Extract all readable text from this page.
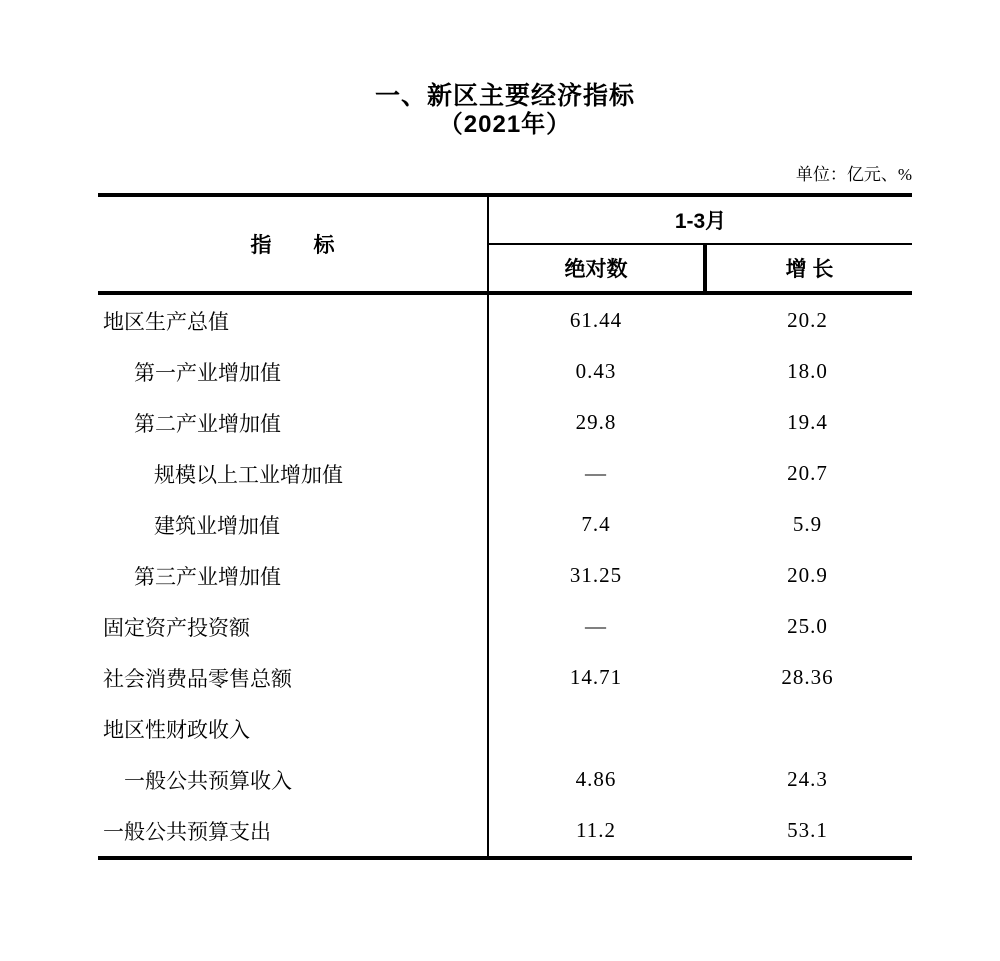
一、新区主要经济指标
（2021年）
单位：亿元、%
指　　标
1-3月
绝对数	增 长
地区生产总值	61.44	20.2
第一产业增加值	0.43	18.0
第二产业增加值	29.8	19.4
规模以上工业增加值	—	20.7
建筑业增加值	7.4	5.9
第三产业增加值	31.25	20.9
固定资产投资额	—	25.0
社会消费品零售总额	14.71	28.36
地区性财政收入
一般公共预算收入	4.86	24.3
一般公共预算支出	11.2	53.1
